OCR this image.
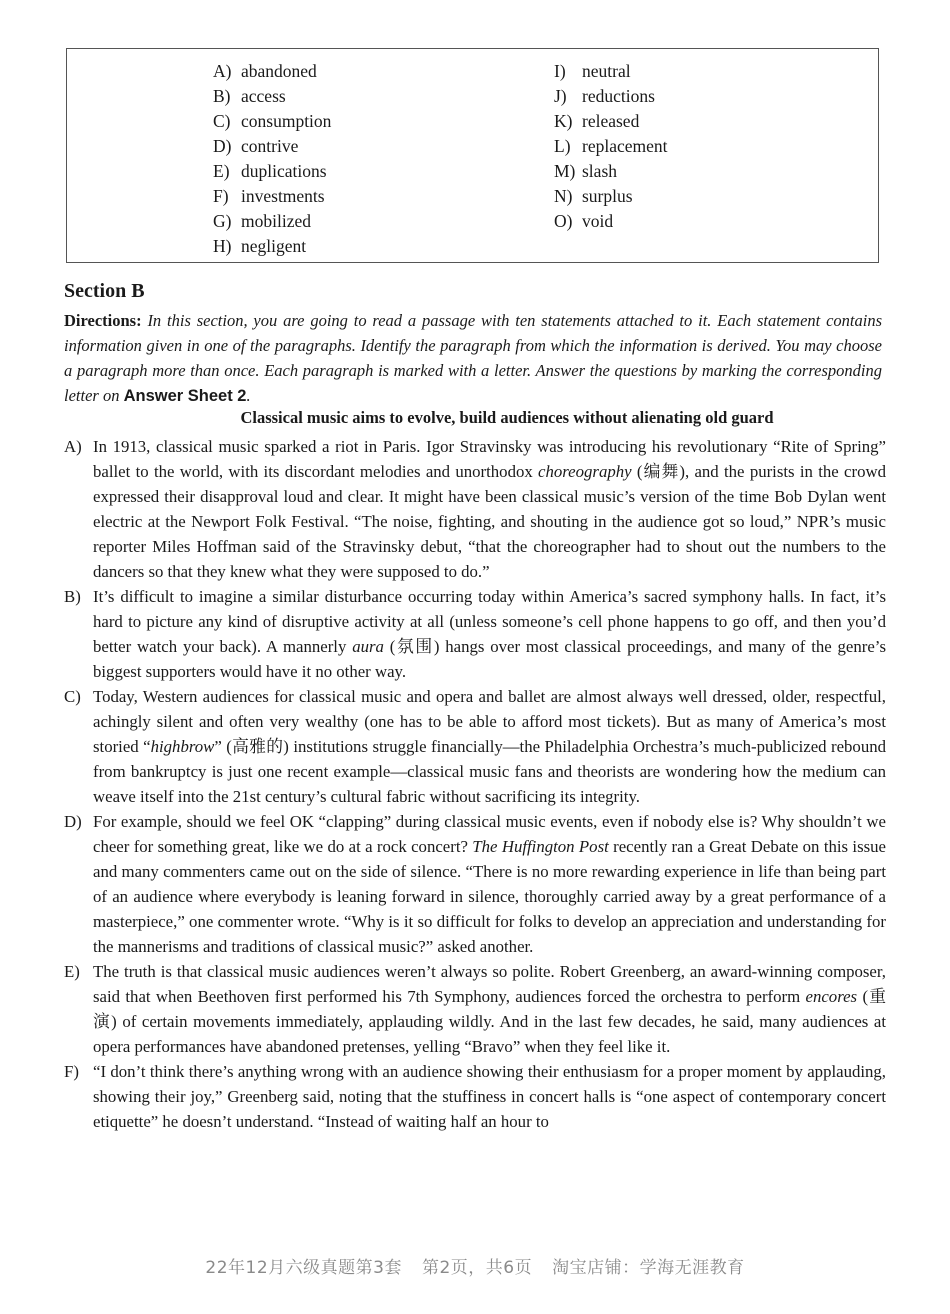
A) abandoned
B) access
C) consumption
D) contrive
E) duplications
F) investments
G) mobilized
H) negligent
I) neutral
J) reductions
K) released
L) replacement
M) slash
N) surplus
O) void
Section B
Directions: In this section, you are going to read a passage with ten statements attached to it. Each statement contains information given in one of the paragraphs. Identify the paragraph from which the information is derived. You may choose a paragraph more than once. Each paragraph is marked with a letter. Answer the questions by marking the corresponding letter on Answer Sheet 2.
Classical music aims to evolve, build audiences without alienating old guard
A) In 1913, classical music sparked a riot in Paris. Igor Stravinsky was introducing his revolutionary “Rite of Spring” ballet to the world, with its discordant melodies and unorthodox choreography (编舞), and the purists in the crowd expressed their disapproval loud and clear. It might have been classical music’s version of the time Bob Dylan went electric at the Newport Folk Festival. “The noise, fighting, and shouting in the audience got so loud,” NPR’s music reporter Miles Hoffman said of the Stravinsky debut, “that the choreographer had to shout out the numbers to the dancers so that they knew what they were supposed to do.”
B) It’s difficult to imagine a similar disturbance occurring today within America’s sacred symphony halls. In fact, it’s hard to picture any kind of disruptive activity at all (unless someone’s cell phone happens to go off, and then you’d better watch your back). A mannerly aura (氛围) hangs over most classical proceedings, and many of the genre’s biggest supporters would have it no other way.
C) Today, Western audiences for classical music and opera and ballet are almost always well dressed, older, respectful, achingly silent and often very wealthy (one has to be able to afford most tickets). But as many of America’s most storied “highbrow” (高雅的) institutions struggle financially—the Philadelphia Orchestra’s much-publicized rebound from bankruptcy is just one recent example—classical music fans and theorists are wondering how the medium can weave itself into the 21st century’s cultural fabric without sacrificing its integrity.
D) For example, should we feel OK “clapping” during classical music events, even if nobody else is? Why shouldn’t we cheer for something great, like we do at a rock concert? The Huffington Post recently ran a Great Debate on this issue and many commenters came out on the side of silence. “There is no more rewarding experience in life than being part of an audience where everybody is leaning forward in silence, thoroughly carried away by a great performance of a masterpiece,” one commenter wrote. “Why is it so difficult for folks to develop an appreciation and understanding for the mannerisms and traditions of classical music?” asked another.
E) The truth is that classical music audiences weren’t always so polite. Robert Greenberg, an award-winning composer, said that when Beethoven first performed his 7th Symphony, audiences forced the orchestra to perform encores (重演) of certain movements immediately, applauding wildly. And in the last few decades, he said, many audiences at opera performances have abandoned pretenses, yelling “Bravo” when they feel like it.
F) “I don’t think there’s anything wrong with an audience showing their enthusiasm for a proper moment by applauding, showing their joy,” Greenberg said, noting that the stuffiness in concert halls is “one aspect of contemporary concert etiquette” he doesn’t understand. “Instead of waiting half an hour to
22年12月六级真题第3套 第2页，共6页 淘宝店铺：学海无涯教育
